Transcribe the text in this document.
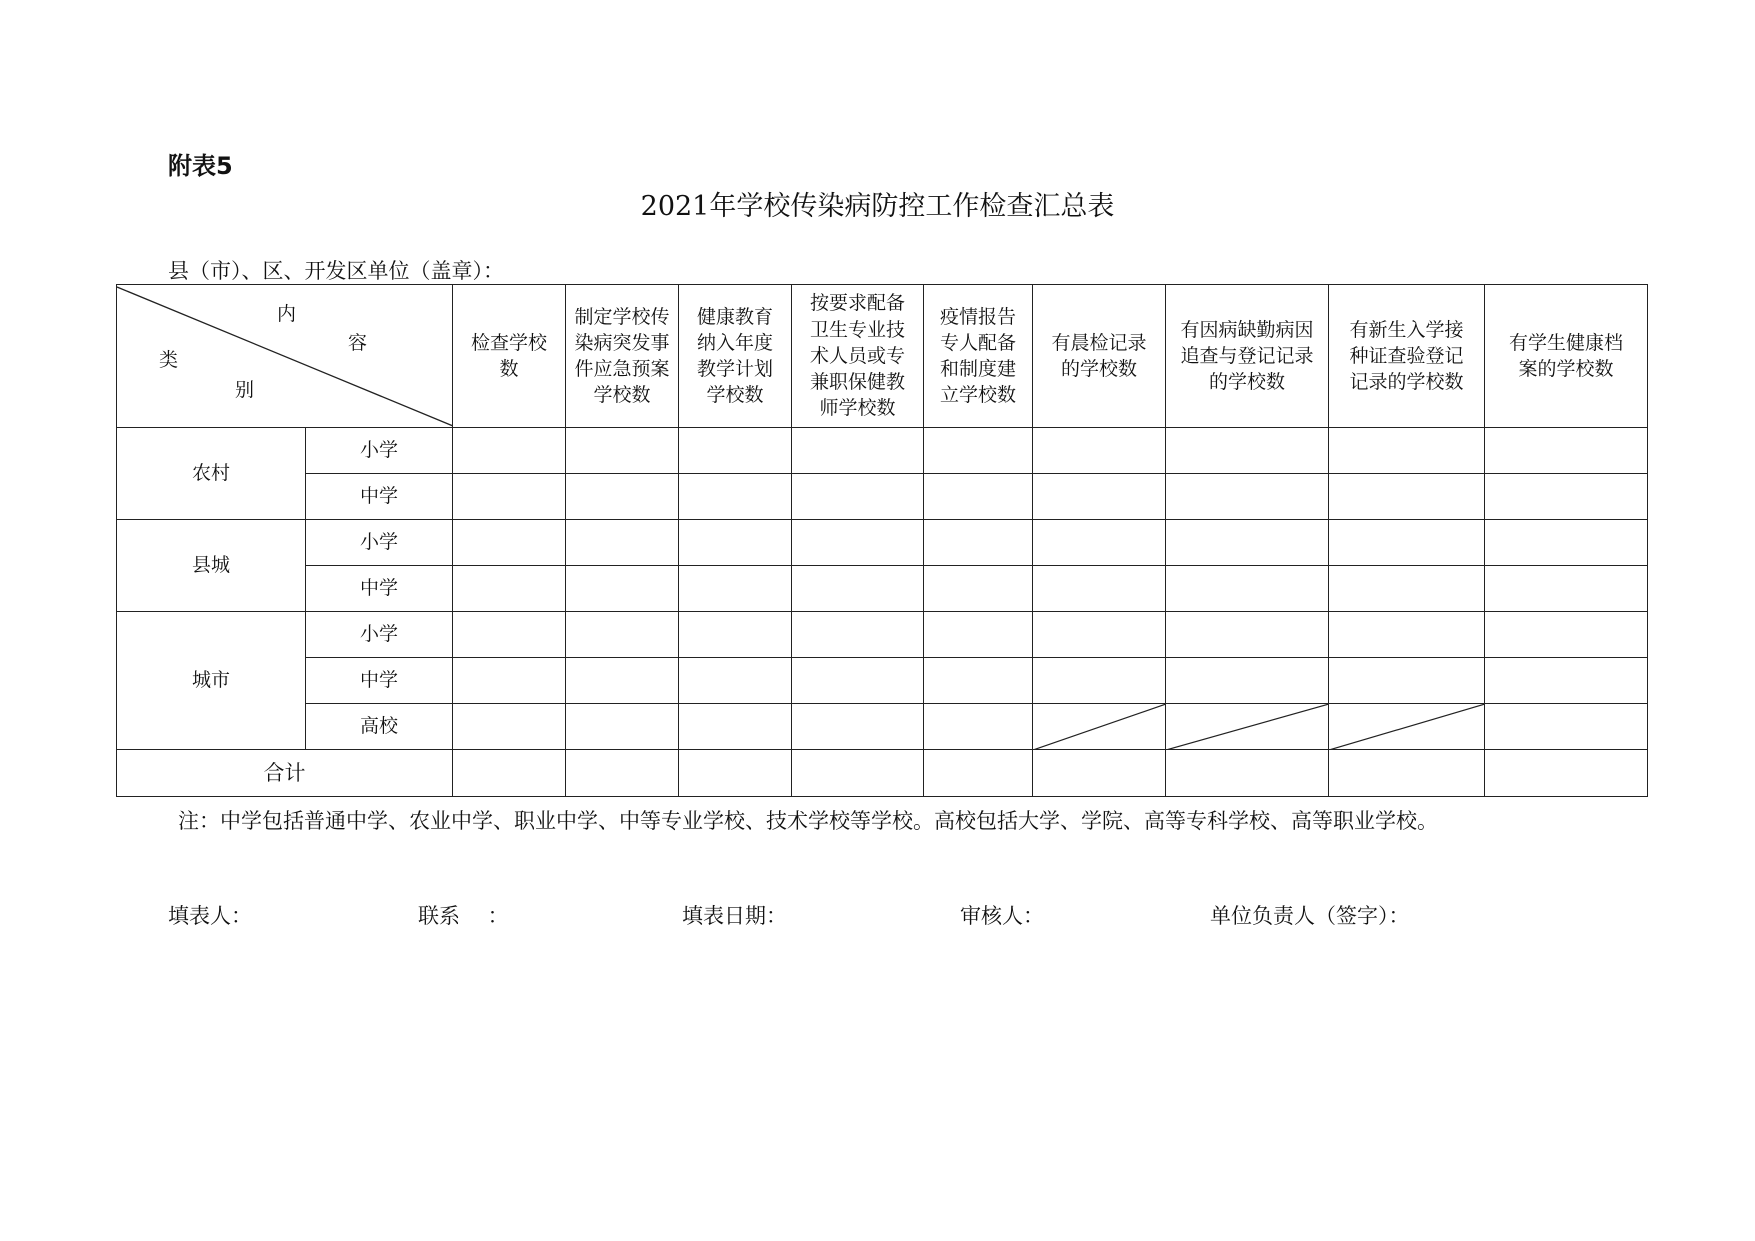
附表5
2021年学校传染病防控工作检查汇总表
县（市）、区、开发区单位（盖章）：
内
容
类
别		检查学校数	制定学校传染病突发事件应急预案学校数	健康教育纳入年度教学计划学校数	按要求配备卫生专业技术人员或专兼职保健教师学校数	疫情报告专人配备和制度建立学校数	有晨检记录的学校数	有因病缺勤病因追查与登记记录的学校数	有新生入学接种证查验登记记录的学校数	有学生健康档案的学校数

农村	小学									
	中学									
县城	小学									
	中学									
城市	小学									
	中学									
	高校						

合计										
注：中学包括普通中学、农业中学、职业中学、中等专业学校、技术学校等学校。高校包括大学、学院、高等专科学校、高等职业学校。
填表人：	联系　 ：	填表日期：	审核人：	单位负责人（签字）：
